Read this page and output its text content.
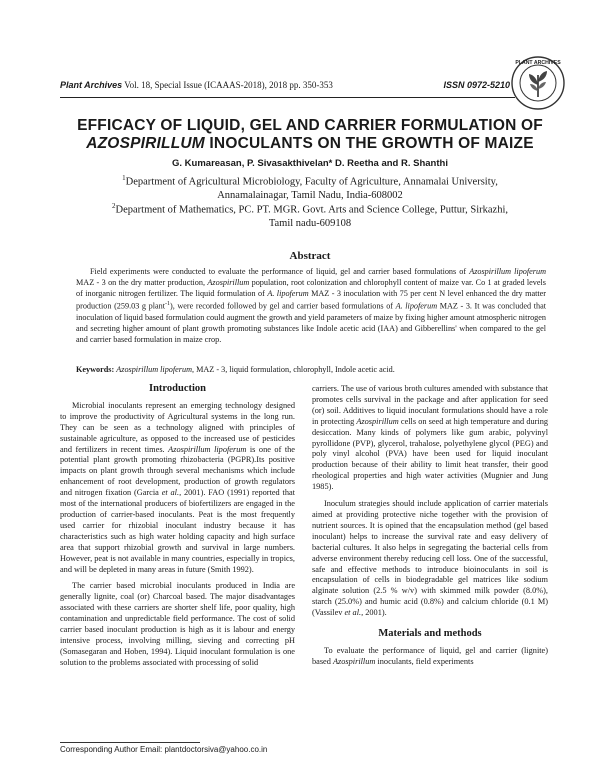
Plant Archives Vol. 18, Special Issue (ICAAAS-2018), 2018 pp. 350-353	ISSN 0972-5210
PLANT ARCHIVES
EFFICACY OF LIQUID, GEL AND CARRIER FORMULATION OF
AZOSPIRILLUM INOCULANTS ON THE GROWTH OF MAIZE
G. Kumareasan, P. Sivasakthivelan* D. Reetha and R. Shanthi
$^1$Department of Agricultural Microbiology, Faculty of Agriculture, Annamalai University,
Annamalainagar, Tamil Nadu, India-608002
$^2$Department of Mathematics, PC. PT. MGR. Govt. Arts and Science College, Puttur, Sirkazhi,
Tamil nadu-609108
Abstract
Field experiments were conducted to evaluate the performance of liquid, gel and carrier based formulations of Azospirillum lipoferum MAZ - 3 on the dry matter production, Azospirillum population, root colonization and chlorophyll content of maize var. Co 1 at graded levels of inorganic nitrogen fertilizer. The liquid formulation of A. lipoferum MAZ - 3 inoculation with 75 per cent N level enhanced the dry matter production (259.03 g plant$^{-1}$), were recorded followed by gel and carrier based formulations of A. lipoferum MAZ - 3. It was concluded that inoculation of liquid based formulation could augment the growth and yield parameters of maize by fixing higher amount atmospheric nitrogen and secreting higher amount of plant growth promoting substances like Indole acetic acid (IAA) and Gibberellins' when compared to the gel and carrier based formulation in maize crop.
Keywords: Azospirillum lipoferum, MAZ - 3, liquid formulation, chlorophyll, Indole acetic acid.
Introduction

Microbial inoculants represent an emerging technology designed to improve the productivity of Agricultural systems in the long run. They can be seen as a technology aligned with principles of sustainable agriculture, as opposed to the increased use of pesticides and fertilizers in recent times. Azospirillum lipoferum is one of the potential plant growth promoting rhizobacteria (PGPR).Its positive impacts on plant growth through several mechanisms which include enhancement of root development, production of growth regulators and nitrogen fixation (Garcia et al., 2001). FAO (1991) reported that most of the international producers of biofertilizers are engaged in the production of carrier-based inoculants. Peat is the most frequently used carrier for rhizobial inoculant industry because it has characteristics such as high water holding capacity and high surface area that support rhizobial growth and survival in large numbers. However, peat is not available in many countries, especially in tropics, and will be depleted in many areas in future (Smith 1992).

The carrier based microbial inoculants produced in India are generally lignite, coal (or) Charcoal based. The major disadvantages associated with these carriers are shorter shelf life, poor quality, high contamination and unpredictable field performance. The cost of solid carrier based inoculant production is high as it is labour and energy intensive process, involving milling, sieving and correcting pH (Somasegaran and Hoben, 1994). Liquid inoculant formulation is one solution to the problems associated with processing of solid

carriers. The use of various broth cultures amended with substance that promotes cells survival in the package and after application for seed (or) soil. Additives to liquid inoculant formulations should have a role in protecting Azospirillum cells on seed at high temperature and during desiccation. Many kinds of polymers like gum arabic, polyvinyl pyrollidone (PVP), glycerol, trahalose, polyethylene glycol (PEG) and poly vinyl alcohol (PVA) have been used for liquid inoculant production because of their ability to limit heat transfer, their good rheological properties and high water activities (Mugnier and Jung 1985).

Inoculum strategies should include application of carrier materials aimed at providing protective niche together with the provision of nutrient sources. It is opined that the encapsulation method (gel based inoculant) helps to increase the survival rate and easy delivery of bacterial cultures. It also helps in segregating the bacterial cells from adverse environment thereby reducing cell loss. One of the successful, safe and effective methods to introduce bioinoculants in soil is encapsulation of cells in biodegradable gel matrices like sodium alginate solution (2.5 % w/v) with skimmed milk powder (8.0%), starch (25.0%) and humic acid (0.8%) and calcium chloride (0.1 M) (Vassilev et al., 2001).

Materials and methods

To evaluate the performance of liquid, gel and carrier (lignite) based Azospirillum inoculants, field experiments

Corresponding Author Email: plantdoctorsiva@yahoo.co.in
